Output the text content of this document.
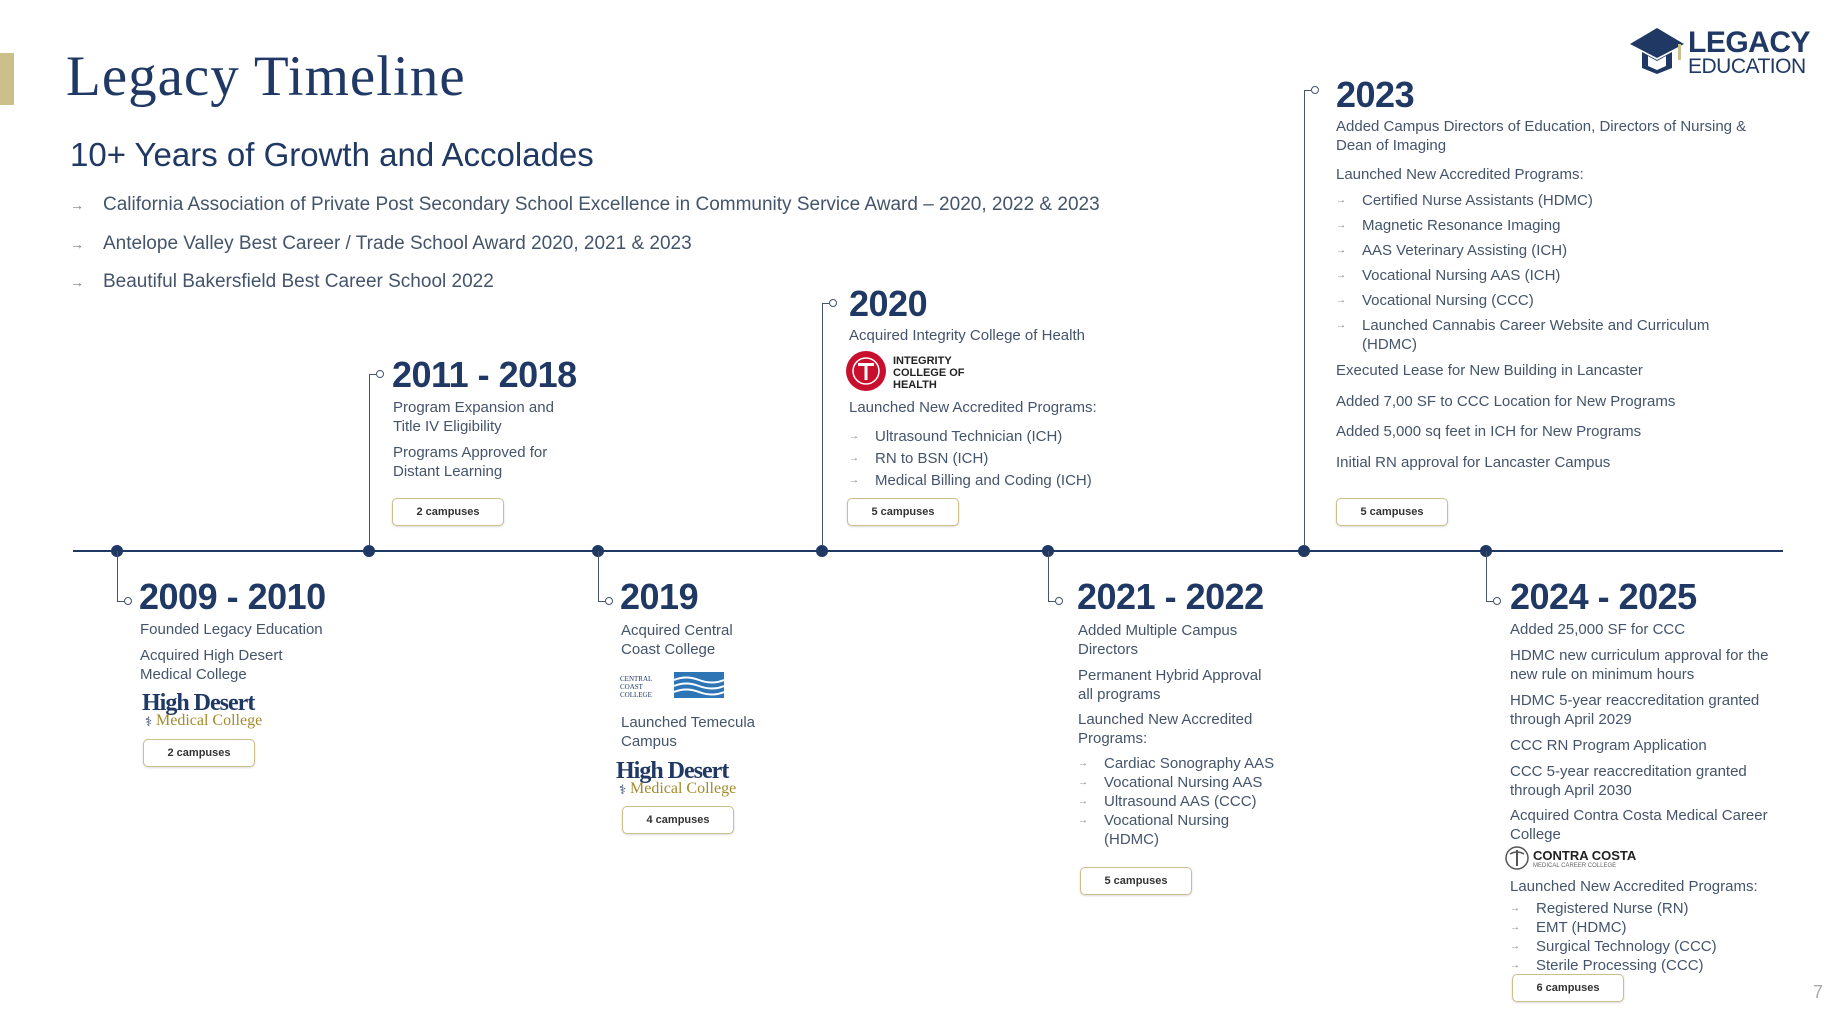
Legacy Timeline
10+ Years of Growth and Accolades
→ California Association of Private Post Secondary School Excellence in Community Service Award – 2020, 2022 & 2023
→ Antelope Valley Best Career / Trade School Award 2020, 2021 & 2023
→ Beautiful Bakersfield Best Career School 2022
LEGACY
EDUCATION
2009 - 2010
Founded Legacy Education
Acquired High Desert Medical College
High Desert
⚕ Medical College
2 campuses
2011 - 2018
Program Expansion and Title IV Eligibility
Programs Approved for Distant Learning
2 campuses
2019
Acquired Central Coast College
CENTRAL COAST COLLEGE
Launched Temecula Campus
High Desert
⚕ Medical College
4 campuses
2020
Acquired Integrity College of Health
INTEGRITY COLLEGE OF HEALTH
Launched New Accredited Programs:
→ Ultrasound Technician (ICH)
→ RN to BSN (ICH)
→ Medical Billing and Coding (ICH)
5 campuses
2021 - 2022
Added Multiple Campus Directors
Permanent Hybrid Approval all programs
Launched New Accredited Programs:
→ Cardiac Sonography AAS
→ Vocational Nursing AAS
→ Ultrasound AAS (CCC)
→ Vocational Nursing (HDMC)
5 campuses
2023
Added Campus Directors of Education, Directors of Nursing & Dean of Imaging
Launched New Accredited Programs:
→ Certified Nurse Assistants (HDMC)
→ Magnetic Resonance Imaging
→ AAS Veterinary Assisting (ICH)
→ Vocational Nursing AAS (ICH)
→ Vocational Nursing (CCC)
→ Launched Cannabis Career Website and Curriculum (HDMC)
Executed Lease for New Building in Lancaster
Added 7,00 SF to CCC Location for New Programs
Added 5,000 sq feet in ICH for New Programs
Initial RN approval for Lancaster Campus
5 campuses
2024 - 2025
Added 25,000 SF for CCC
HDMC new curriculum approval for the new rule on minimum hours
HDMC 5-year reaccreditation granted through April 2029
CCC RN Program Application
CCC 5-year reaccreditation granted through April 2030
Acquired Contra Costa Medical Career College
CONTRA COSTA
MEDICAL CAREER COLLEGE
Launched New Accredited Programs:
→ Registered Nurse (RN)
→ EMT (HDMC)
→ Surgical Technology (CCC)
→ Sterile Processing (CCC)
6 campuses	7
